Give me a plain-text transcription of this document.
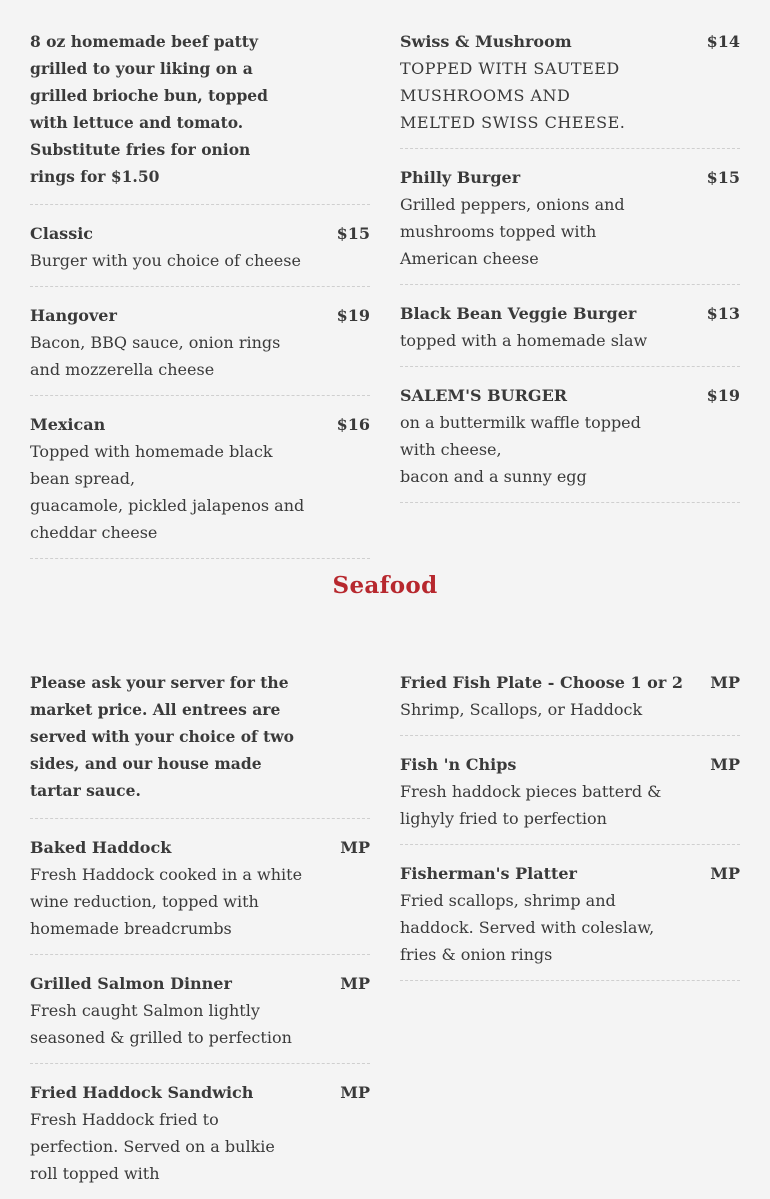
8 oz homemade beef patty grilled to your liking on a grilled brioche bun, topped with lettuce and tomato. Substitute fries for onion rings for $1.50

Classic	$15
Burger with you choice of cheese
Hangover	$19
Bacon, BBQ sauce, onion rings
and mozzerella cheese
Mexican	$16
Topped with homemade black bean spread,
guacamole, pickled jalapenos and cheddar cheese
Swiss & Mushroom	$14
TOPPED WITH SAUTEED MUSHROOMS AND MELTED SWISS CHEESE.
Philly Burger	$15
Grilled peppers, onions and mushrooms topped with American cheese
Black Bean Veggie Burger	$13
topped with a homemade slaw
SALEM'S BURGER	$19
on a buttermilk waffle topped with cheese,
bacon and a sunny egg
Seafood

Please ask your server for the market price. All entrees are served with your choice of two sides, and our house made tartar sauce.

Baked Haddock	MP
Fresh Haddock cooked in a white wine reduction, topped with homemade breadcrumbs
Grilled Salmon Dinner	MP
Fresh caught Salmon lightly seasoned & grilled to perfection
Fried Haddock Sandwich	MP
Fresh Haddock fried to perfection. Served on a bulkie roll topped with
Fried Fish Plate - Choose 1 or 2 MP
Shrimp, Scallops, or Haddock
Fish 'n Chips	MP
Fresh haddock pieces batterd & lighyly fried to perfection
Fisherman's Platter	MP
Fried scallops, shrimp and haddock. Served with coleslaw, fries & onion rings
